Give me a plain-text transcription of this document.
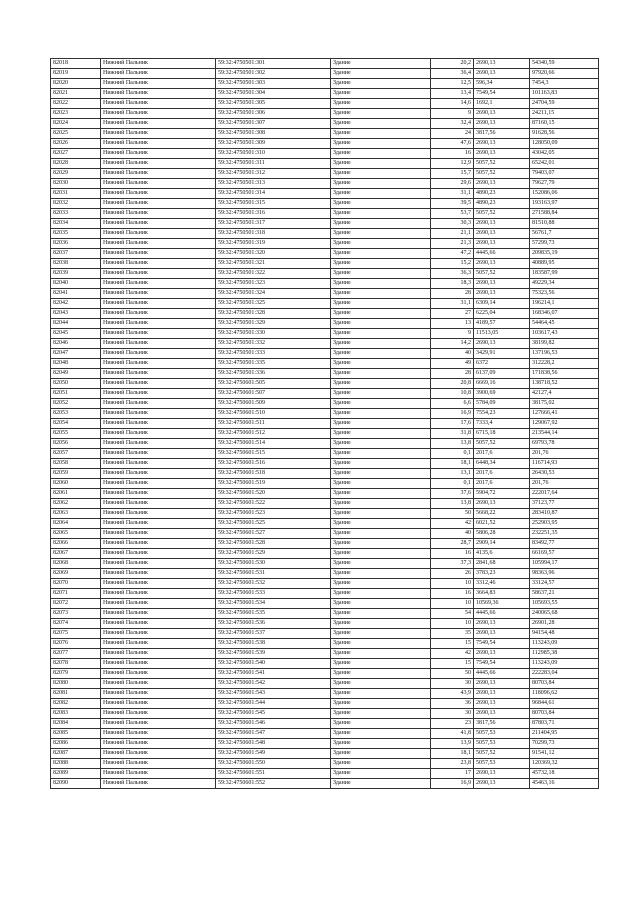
82018	Нижний Пальник	59:32:4750501:301	Здание	20,2	2690,13	54340,59
82019	Нижний Пальник	59:32:4750501:302	Здание	36,4	2690,13	97920,66
82020	Нижний Пальник	59:32:4750501:303	Здание	12,5	596,34	7454,3
82021	Нижний Пальник	59:32:4750501:304	Здание	13,4	7549,54	101163,83
82022	Нижний Пальник	59:32:4750501:305	Здание	14,6	1692,1	24704,59
82023	Нижний Пальник	59:32:4750501:306	Здание	9	2690,13	24211,15
82024	Нижний Пальник	59:32:4750501:307	Здание	32,4	2690,13	87160,15
82025	Нижний Пальник	59:32:4750501:308	Здание	24	3817,56	91628,56
82026	Нижний Пальник	59:32:4750501:309	Здание	47,6	2690,13	128050,09
82027	Нижний Пальник	59:32:4750501:310	Здание	16	2690,13	43042,05
82028	Нижний Пальник	59:32:4750501:311	Здание	12,9	5057,52	65242,01
82029	Нижний Пальник	59:32:4750501:312	Здание	15,7	5057,52	79403,07
82030	Нижний Пальник	59:32:4750501:313	Здание	29,6	2690,13	79627,79
82031	Нижний Пальник	59:32:4750501:314	Здание	31,1	4890,23	152086,06
82032	Нижний Пальник	59:32:4750501:315	Здание	39,5	4890,23	193163,97
82033	Нижний Пальник	59:32:4750501:316	Здание	53,7	5057,52	271588,84
82034	Нижний Пальник	59:32:4750501:317	Здание	30,3	2690,13	81510,88
82035	Нижний Пальник	59:32:4750501:318	Здание	21,1	2690,13	56761,7
82036	Нижний Пальник	59:32:4750501:319	Здание	21,3	2690,13	57299,73
82037	Нижний Пальник	59:32:4750501:320	Здание	47,2	4445,66	209835,19
82038	Нижний Пальник	59:32:4750501:321	Здание	15,2	2690,13	40889,95
82039	Нижний Пальник	59:32:4750501:322	Здание	36,3	5057,52	183587,99
82040	Нижний Пальник	59:32:4750501:323	Здание	18,3	2690,13	49229,34
82041	Нижний Пальник	59:32:4750501:324	Здание	28	2690,13	75323,56
82042	Нижний Пальник	59:32:4750501:325	Здание	31,1	6309,14	196214,1
82043	Нижний Пальник	59:32:4750501:328	Здание	27	6225,04	168346,07
82044	Нижний Пальник	59:32:4750501:329	Здание	13	4189,57	54464,45
82045	Нижний Пальник	59:32:4750501:330	Здание	9	11513,05	103617,43
82046	Нижний Пальник	59:32:4750501:332	Здание	14,2	2690,13	38199,82
82047	Нижний Пальник	59:32:4750501:333	Здание	40	3429,91	137196,53
82048	Нижний Пальник	59:32:4750501:335	Здание	49	6372	312228,2
82049	Нижний Пальник	59:32:4750501:336	Здание	28	6137,09	171838,56
82050	Нижний Пальник	59:32:4750601:505	Здание	20,8	6669,16	138718,52
82051	Нижний Пальник	59:32:4750601:507	Здание	10,8	3900,69	42127,4
82052	Нижний Пальник	59:32:4750601:509	Здание	6,6	5784,09	38175,02
82053	Нижний Пальник	59:32:4750601:510	Здание	16,9	7554,23	127666,41
82054	Нижний Пальник	59:32:4750601:511	Здание	17,6	7333,4	129067,92
82055	Нижний Пальник	59:32:4750601:512	Здание	31,8	6715,18	213544,14
82056	Нижний Пальник	59:32:4750601:514	Здание	13,8	5057,52	69793,78
82057	Нижний Пальник	59:32:4750601:515	Здание	0,1	2017,6	201,76
82058	Нижний Пальник	59:32:4750601:516	Здание	18,1	6448,34	116714,93
82059	Нижний Пальник	59:32:4750601:518	Здание	13,1	2017,6	26430,53
82060	Нижний Пальник	59:32:4750601:519	Здание	0,1	2017,6	201,76
82061	Нижний Пальник	59:32:4750601:520	Здание	37,6	5904,72	222017,64
82062	Нижний Пальник	59:32:4750601:522	Здание	13,8	2690,13	37123,77
82063	Нижний Пальник	59:32:4750601:523	Здание	50	5668,22	283410,87
82064	Нижний Пальник	59:32:4750601:525	Здание	42	6021,52	252903,95
82065	Нижний Пальник	59:32:4750601:527	Здание	40	5806,28	232251,35
82066	Нижний Пальник	59:32:4750601:528	Здание	28,7	2909,14	83492,77
82067	Нижний Пальник	59:32:4750601:529	Здание	16	4135,6	66169,57
82068	Нижний Пальник	59:32:4750601:530	Здание	37,3	2841,68	105994,17
82069	Нижний Пальник	59:32:4750601:531	Здание	26	3783,23	98363,96
82070	Нижний Пальник	59:32:4750601:532	Здание	10	3312,46	33124,57
82071	Нижний Пальник	59:32:4750601:533	Здание	16	3664,83	58637,21
82072	Нижний Пальник	59:32:4750601:534	Здание	10	10569,36	105693,55
82073	Нижний Пальник	59:32:4750601:535	Здание	54	4445,66	240065,68
82074	Нижний Пальник	59:32:4750601:536	Здание	10	2690,13	26901,28
82075	Нижний Пальник	59:32:4750601:537	Здание	35	2690,13	94154,48
82076	Нижний Пальник	59:32:4750601:538	Здание	15	7549,54	113243,09
82077	Нижний Пальник	59:32:4750601:539	Здание	42	2690,13	112985,38
82078	Нижний Пальник	59:32:4750601:540	Здание	15	7549,54	113243,09
82079	Нижний Пальник	59:32:4750601:541	Здание	50	4445,66	222283,04
82080	Нижний Пальник	59:32:4750601:542	Здание	30	2690,13	80703,84
82081	Нижний Пальник	59:32:4750601:543	Здание	43,9	2690,13	118096,62
82082	Нижний Пальник	59:32:4750601:544	Здание	36	2690,13	96844,61
82083	Нижний Пальник	59:32:4750601:545	Здание	30	2690,13	80703,84
82084	Нижний Пальник	59:32:4750601:546	Здание	23	3817,56	87803,71
82085	Нижний Пальник	59:32:4750601:547	Здание	41,8	5057,53	211404,95
82086	Нижний Пальник	59:32:4750601:548	Здание	13,9	5057,53	70299,73
82087	Нижний Пальник	59:32:4750601:549	Здание	18,1	5057,52	91541,12
82088	Нижний Пальник	59:32:4750601:550	Здание	23,8	5057,53	120369,32
82089	Нижний Пальник	59:32:4750601:551	Здание	17	2690,13	45732,18
82090	Нижний Пальник	59:32:4750601:552	Здание	16,9	2690,13	45463,16
